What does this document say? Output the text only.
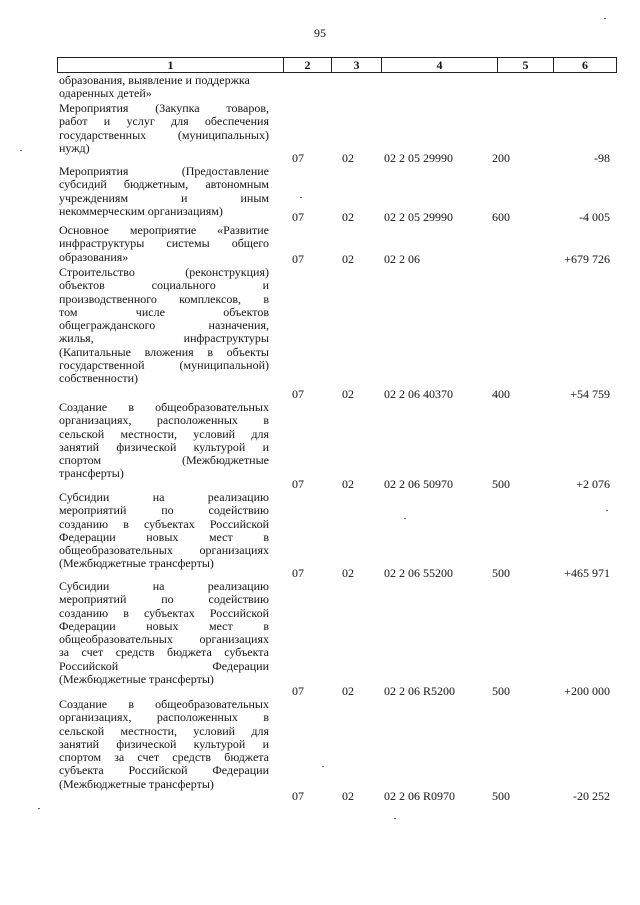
95
1	2	3	4	5	6
образования, выявление и поддержка
одаренных детей»
Мероприятия (Закупка товаров,
работ и услуг для обеспечения
государственных (муниципальных)
нужд)
07	02	02 2 05 29990	200	-98
Мероприятия (Предоставление
субсидий бюджетным, автономным
учреждениям и иным
некоммерческим организациям)	07	02	02 2 05 29990	600	-4 005
Основное мероприятие «Развитие
инфраструктуры системы общего
образования»	07	02	02 2 06	+679 726
Строительство (реконструкция)
объектов социального и
производственного комплексов, в
том числе объектов
общегражданского назначения,
жилья, инфраструктуры
(Капитальные вложения в объекты
государственной (муниципальной)
собственности)
07	02	02 2 06 40370	400	+54 759
Создание в общеобразовательных
организациях, расположенных в
сельской местности, условий для
занятий физической культурой и
спортом (Межбюджетные
трансферты)
07	02	02 2 06 50970	500	+2 076
Субсидии на реализацию
мероприятий по содействию
созданию в субъектах Российской
Федерации новых мест в
общеобразовательных организациях
(Межбюджетные трансферты)
07	02	02 2 06 55200	500	+465 971
Субсидии на реализацию
мероприятий по содействию
созданию в субъектах Российской
Федерации новых мест в
общеобразовательных организациях
за счет средств бюджета субъекта
Российской Федерации
(Межбюджетные трансферты)
07	02	02 2 06 R5200	500	+200 000
Создание в общеобразовательных
организациях, расположенных в
сельской местности, условий для
занятий физической культурой и
спортом за счет средств бюджета
субъекта Российской Федерации
(Межбюджетные трансферты)
07	02	02 2 06 R0970	500	-20 252
